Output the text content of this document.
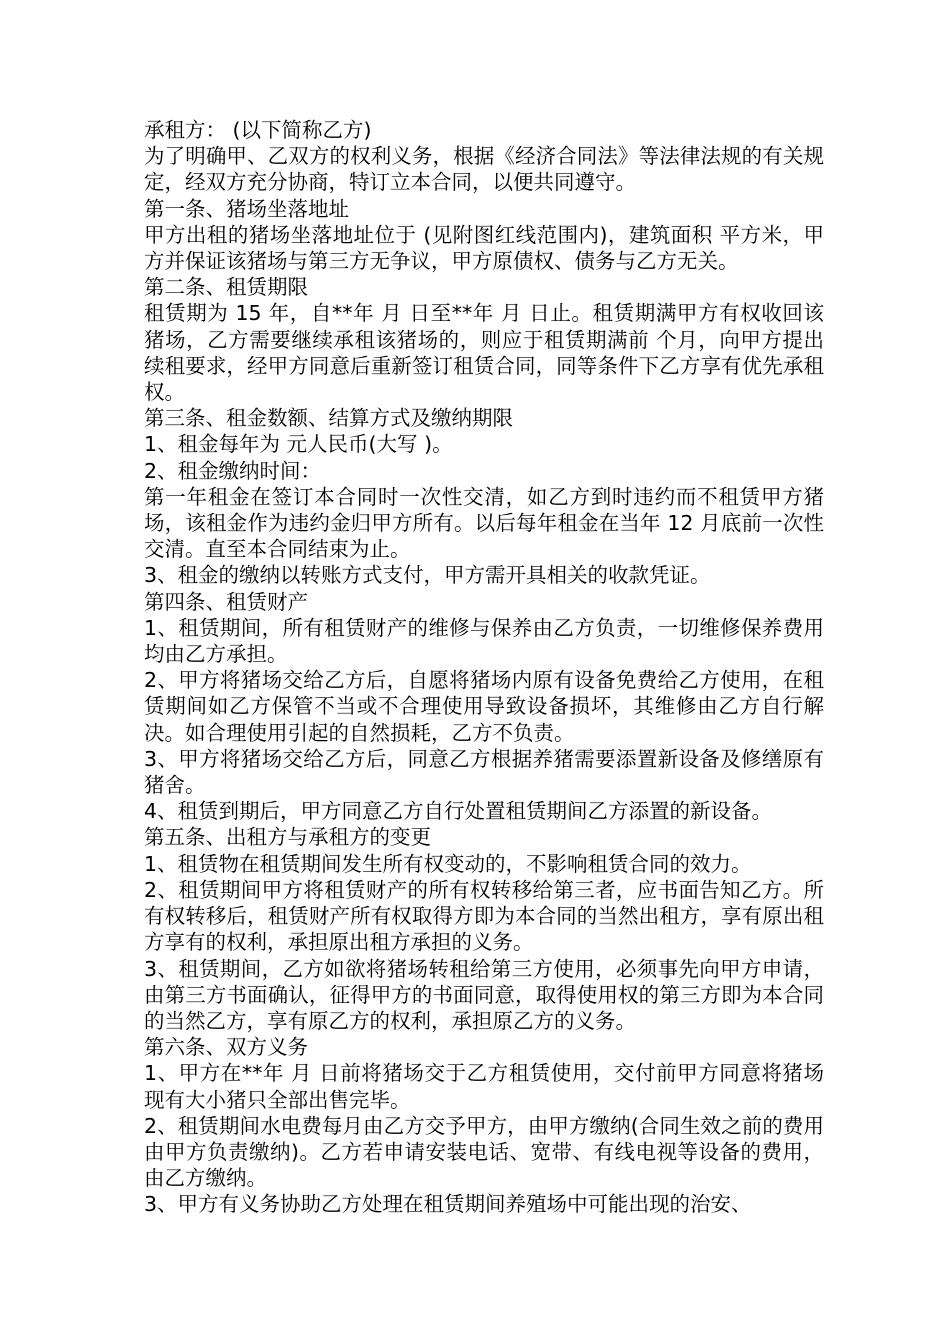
承租方： (以下简称乙方)

为了明确甲、乙双方的权利义务，根据《经济合同法》等法律法规的有关规定，经双方充分协商，特订立本合同，以便共同遵守。

第一条、猪场坐落地址

甲方出租的猪场坐落地址位于 (见附图红线范围内)，建筑面积 平方米，甲方并保证该猪场与第三方无争议，甲方原债权、债务与乙方无关。

第二条、租赁期限

租赁期为 15 年，自**年 月 日至**年 月 日止。租赁期满甲方有权收回该猪场，乙方需要继续承租该猪场的，则应于租赁期满前 个月，向甲方提出续租要求，经甲方同意后重新签订租赁合同，同等条件下乙方享有优先承租权。

第三条、租金数额、结算方式及缴纳期限

1、租金每年为 元人民币(大写 )。

2、租金缴纳时间：

第一年租金在签订本合同时一次性交清，如乙方到时违约而不租赁甲方猪场，该租金作为违约金归甲方所有。以后每年租金在当年 12 月底前一次性交清。直至本合同结束为止。

3、租金的缴纳以转账方式支付，甲方需开具相关的收款凭证。

第四条、租赁财产

1、租赁期间，所有租赁财产的维修与保养由乙方负责，一切维修保养费用均由乙方承担。

2、甲方将猪场交给乙方后，自愿将猪场内原有设备免费给乙方使用，在租赁期间如乙方保管不当或不合理使用导致设备损坏，其维修由乙方自行解决。如合理使用引起的自然损耗，乙方不负责。

3、甲方将猪场交给乙方后，同意乙方根据养猪需要添置新设备及修缮原有猪舍。

4、租赁到期后，甲方同意乙方自行处置租赁期间乙方添置的新设备。

第五条、出租方与承租方的变更

1、租赁物在租赁期间发生所有权变动的，不影响租赁合同的效力。

2、租赁期间甲方将租赁财产的所有权转移给第三者，应书面告知乙方。所有权转移后，租赁财产所有权取得方即为本合同的当然出租方，享有原出租方享有的权利，承担原出租方承担的义务。

3、租赁期间，乙方如欲将猪场转租给第三方使用，必须事先向甲方申请，由第三方书面确认，征得甲方的书面同意，取得使用权的第三方即为本合同的当然乙方，享有原乙方的权利，承担原乙方的义务。

第六条、双方义务

1、甲方在**年 月 日前将猪场交于乙方租赁使用，交付前甲方同意将猪场现有大小猪只全部出售完毕。

2、租赁期间水电费每月由乙方交予甲方，由甲方缴纳(合同生效之前的费用由甲方负责缴纳)。乙方若申请安装电话、宽带、有线电视等设备的费用，由乙方缴纳。

3、甲方有义务协助乙方处理在租赁期间养殖场中可能出现的治安、
